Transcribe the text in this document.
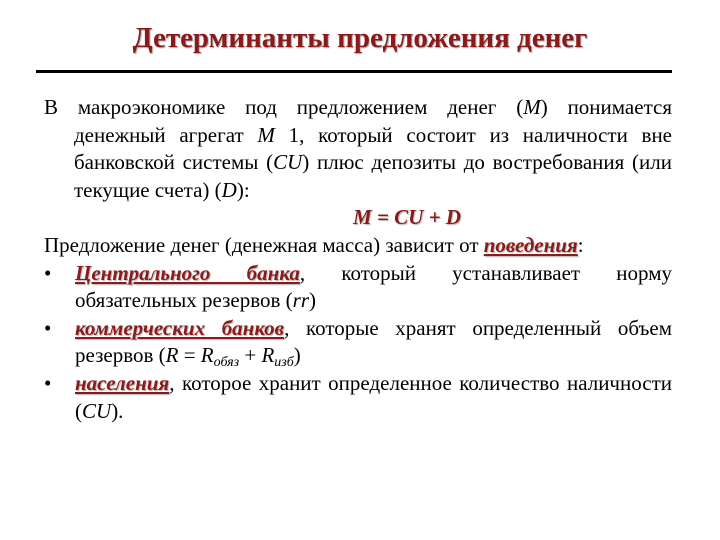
Детерминанты предложения денег

В макроэкономике под предложением денег (M) понимается денежный агрегат M 1, который состоит из наличности вне банковской системы (CU) плюс депозиты до востребования (или текущие счета) (D):

M = CU + D

Предложение денег (денежная масса) зависит от поведения:

• Центрального банка, который устанавливает норму обязательных резервов (rr)
• коммерческих банков, которые хранят определенный объем резервов $(R = R_{обяз} + R_{изб})$
• населения, которое хранит определенное количество наличности (CU).
